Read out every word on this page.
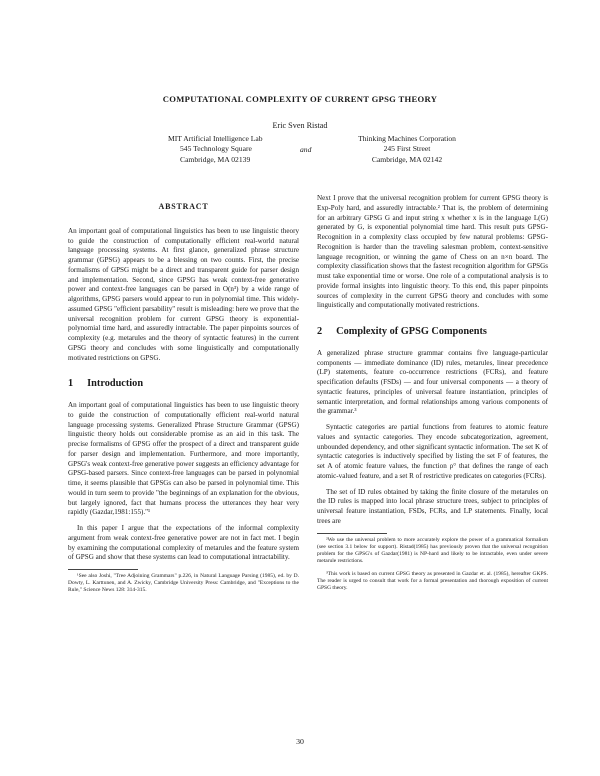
COMPUTATIONAL COMPLEXITY OF CURRENT GPSG THEORY
Eric Sven Ristad
MIT Artificial Intelligence Lab
545 Technology Square
Cambridge, MA 02139
and
Thinking Machines Corporation
245 First Street
Cambridge, MA 02142
ABSTRACT

An important goal of computational linguistics has been to use linguistic theory to guide the construction of computationally efficient real-world natural language processing systems. At first glance, generalized phrase structure grammar (GPSG) appears to be a blessing on two counts. First, the precise formalisms of GPSG might be a direct and transparent guide for parser design and implementation. Second, since GPSG has weak context-free generative power and context-free languages can be parsed in O(n³) by a wide range of algorithms, GPSG parsers would appear to run in polynomial time. This widely-assumed GPSG "efficient parsability" result is misleading: here we prove that the universal recognition problem for current GPSG theory is exponential-polynomial time hard, and assuredly intractable. The paper pinpoints sources of complexity (e.g. metarules and the theory of syntactic features) in the current GPSG theory and concludes with some linguistically and computationally motivated restrictions on GPSG.

1 Introduction

An important goal of computational linguistics has been to use linguistic theory to guide the construction of computationally efficient real-world natural language processing systems. Generalized Phrase Structure Grammar (GPSG) linguistic theory holds out considerable promise as an aid in this task. The precise formalisms of GPSG offer the prospect of a direct and transparent guide for parser design and implementation. Furthermore, and more importantly, GPSG's weak context-free generative power suggests an efficiency advantage for GPSG-based parsers. Since context-free languages can be parsed in polynomial time, it seems plausible that GPSGs can also be parsed in polynomial time. This would in turn seem to provide "the beginnings of an explanation for the obvious, but largely ignored, fact that humans process the utterances they hear very rapidly (Gazdar,1981:155)."¹

In this paper I argue that the expectations of the informal complexity argument from weak context-free generative power are not in fact met. I begin by examining the computational complexity of metarules and the feature system of GPSG and show that these systems can lead to computational intractability.

¹See also Joshi, "Tree Adjoining Grammars" p.226, in Natural Language Parsing (1985), ed. by D. Dowty, L. Karttunen, and A. Zwicky, Cambridge University Press: Cambridge, and "Exceptions to the Rule," Science News 128: 314-315.

Next I prove that the universal recognition problem for current GPSG theory is Exp-Poly hard, and assuredly intractable.² That is, the problem of determining for an arbitrary GPSG G and input string x whether x is in the language L(G) generated by G, is exponential polynomial time hard. This result puts GPSG-Recognition in a complexity class occupied by few natural problems: GPSG-Recognition is harder than the traveling salesman problem, context-sensitive language recognition, or winning the game of Chess on an n×n board. The complexity classification shows that the fastest recognition algorithm for GPSGs must take exponential time or worse. One role of a computational analysis is to provide formal insights into linguistic theory. To this end, this paper pinpoints sources of complexity in the current GPSG theory and concludes with some linguistically and computationally motivated restrictions.

2 Complexity of GPSG Components

A generalized phrase structure grammar contains five language-particular components — immediate dominance (ID) rules, metarules, linear precedence (LP) statements, feature co-occurrence restrictions (FCRs), and feature specification defaults (FSDs) — and four universal components — a theory of syntactic features, principles of universal feature instantiation, principles of semantic interpretation, and formal relationships among various components of the grammar.³

Syntactic categories are partial functions from features to atomic feature values and syntactic categories. They encode subcategorization, agreement, unbounded dependency, and other significant syntactic information. The set K of syntactic categories is inductively specified by listing the set F of features, the set A of atomic feature values, the function ρ° that defines the range of each atomic-valued feature, and a set R of restrictive predicates on categories (FCRs).

The set of ID rules obtained by taking the finite closure of the metarules on the ID rules is mapped into local phrase structure trees, subject to principles of universal feature instantiation, FSDs, FCRs, and LP statements. Finally, local trees are

²We use the universal problem to more accurately explore the power of a grammatical formalism (see section 3.1 below for support). Ristad(1985) has previously proven that the universal recognition problem for the GPSG's of Gazdar(1981) is NP-hard and likely to be intractable, even under severe metarule restrictions.

³This work is based on current GPSG theory as presented in Gazdar et. al. (1985), hereafter GKPS. The reader is urged to consult that work for a formal presentation and thorough exposition of current GPSG theory.

30
